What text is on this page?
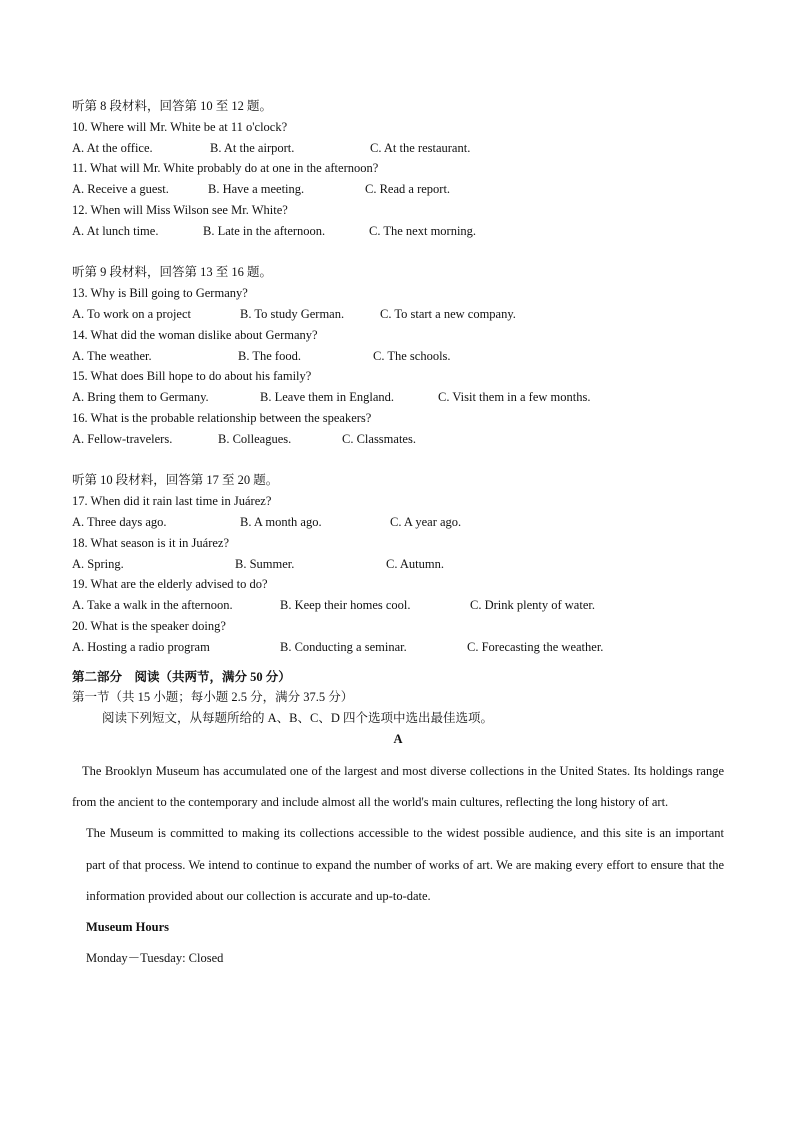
听第 8 段材料，回答第 10 至 12 题。
10. Where will Mr. White be at 11 o'clock?
A. At the office.	B. At the airport.	C. At the restaurant.
11. What will Mr. White probably do at one in the afternoon?
A. Receive a guest.	B. Have a meeting.	C. Read a report.
12. When will Miss Wilson see Mr. White?
A. At lunch time.	B. Late in the afternoon.	C. The next morning.
听第 9 段材料，回答第 13 至 16 题。
13. Why is Bill going to Germany?
A. To work on a project	B. To study German.	C. To start a new company.
14. What did the woman dislike about Germany?
A. The weather.	B. The food.	C. The schools.
15. What does Bill hope to do about his family?
A. Bring them to Germany.	B. Leave them in England.	C. Visit them in a few months.
16. What is the probable relationship between the speakers?
A. Fellow-travelers.	B. Colleagues.	C. Classmates.
听第 10 段材料，回答第 17 至 20 题。
17. When did it rain last time in Juárez?
A. Three days ago.	B. A month ago.	C. A year ago.
18. What season is it in Juárez?
A. Spring.	B. Summer.	C. Autumn.
19. What are the elderly advised to do?
A. Take a walk in the afternoon.	B. Keep their homes cool.	C. Drink plenty of water.
20. What is the speaker doing?
A. Hosting a radio program	B. Conducting a seminar.	C. Forecasting the weather.
第二部分　阅读（共两节，满分 50 分）
第一节（共 15 小题；每小题 2.5 分，满分 37.5 分）
阅读下列短文，从每题所给的 A、B、C、D 四个选项中选出最佳选项。
A

The Brooklyn Museum has accumulated one of the largest and most diverse collections in the United States. Its holdings range from the ancient to the contemporary and include almost all the world's main cultures, reflecting the long history of art.

The Museum is committed to making its collections accessible to the widest possible audience, and this site is an important part of that process. We intend to continue to expand the number of works of art. We are making every effort to ensure that the information provided about our collection is accurate and up-to-date.

Museum Hours
Monday－Tuesday: Closed
